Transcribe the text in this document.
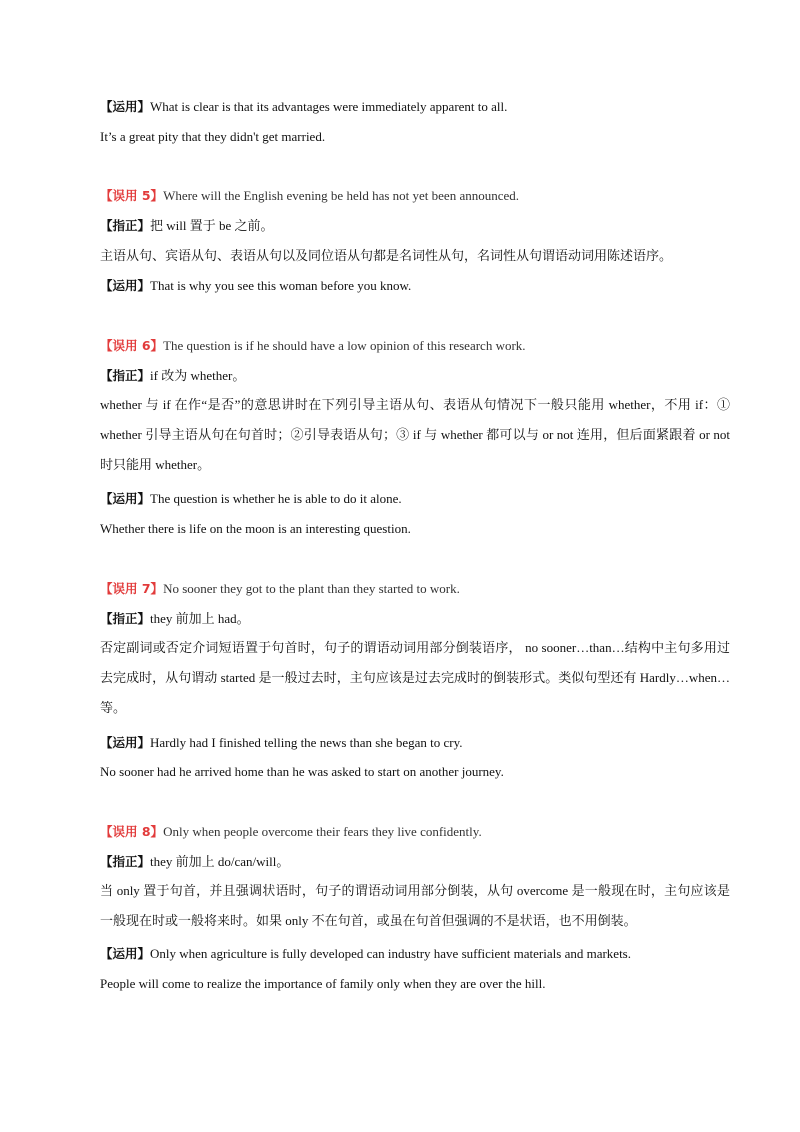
【运用】What is clear is that its advantages were immediately apparent to all.
It’s a great pity that they didn't get married.
【误用 5】Where will the English evening be held has not yet been announced.
【指正】把 will 置于 be 之前。
主语从句、宾语从句、表语从句以及同位语从句都是名词性从句，名词性从句谓语动词用陈述语序。
【运用】That is why you see this woman before you know.
【误用 6】The question is if he should have a low opinion of this research work.
【指正】if 改为 whether。
whether 与 if 在作“是否”的意思讲时在下列引导主语从句、表语从句情况下一般只能用 whether，不用 if：① whether 引导主语从句在句首时；②引导表语从句；③ if 与 whether 都可以与 or not 连用，但后面紧跟着 or not 时只能用 whether。
【运用】The question is whether he is able to do it alone.
Whether there is life on the moon is an interesting question.
【误用 7】No sooner they got to the plant than they started to work.
【指正】they 前加上 had。
否定副词或否定介词短语置于句首时，句子的谓语动词用部分倒装语序， no sooner…than…结构中主句多用过去完成时，从句谓动 started 是一般过去时，主句应该是过去完成时的倒装形式。类似句型还有 Hardly…when…等。
【运用】Hardly had I finished telling the news than she began to cry.
No sooner had he arrived home than he was asked to start on another journey.
【误用 8】Only when people overcome their fears they live confidently.
【指正】they 前加上 do/can/will。
当 only 置于句首，并且强调状语时，句子的谓语动词用部分倒装，从句 overcome 是一般现在时，主句应该是一般现在时或一般将来时。如果 only 不在句首，或虽在句首但强调的不是状语，也不用倒装。
【运用】Only when agriculture is fully developed can industry have sufficient materials and markets.
People will come to realize the importance of family only when they are over the hill.
